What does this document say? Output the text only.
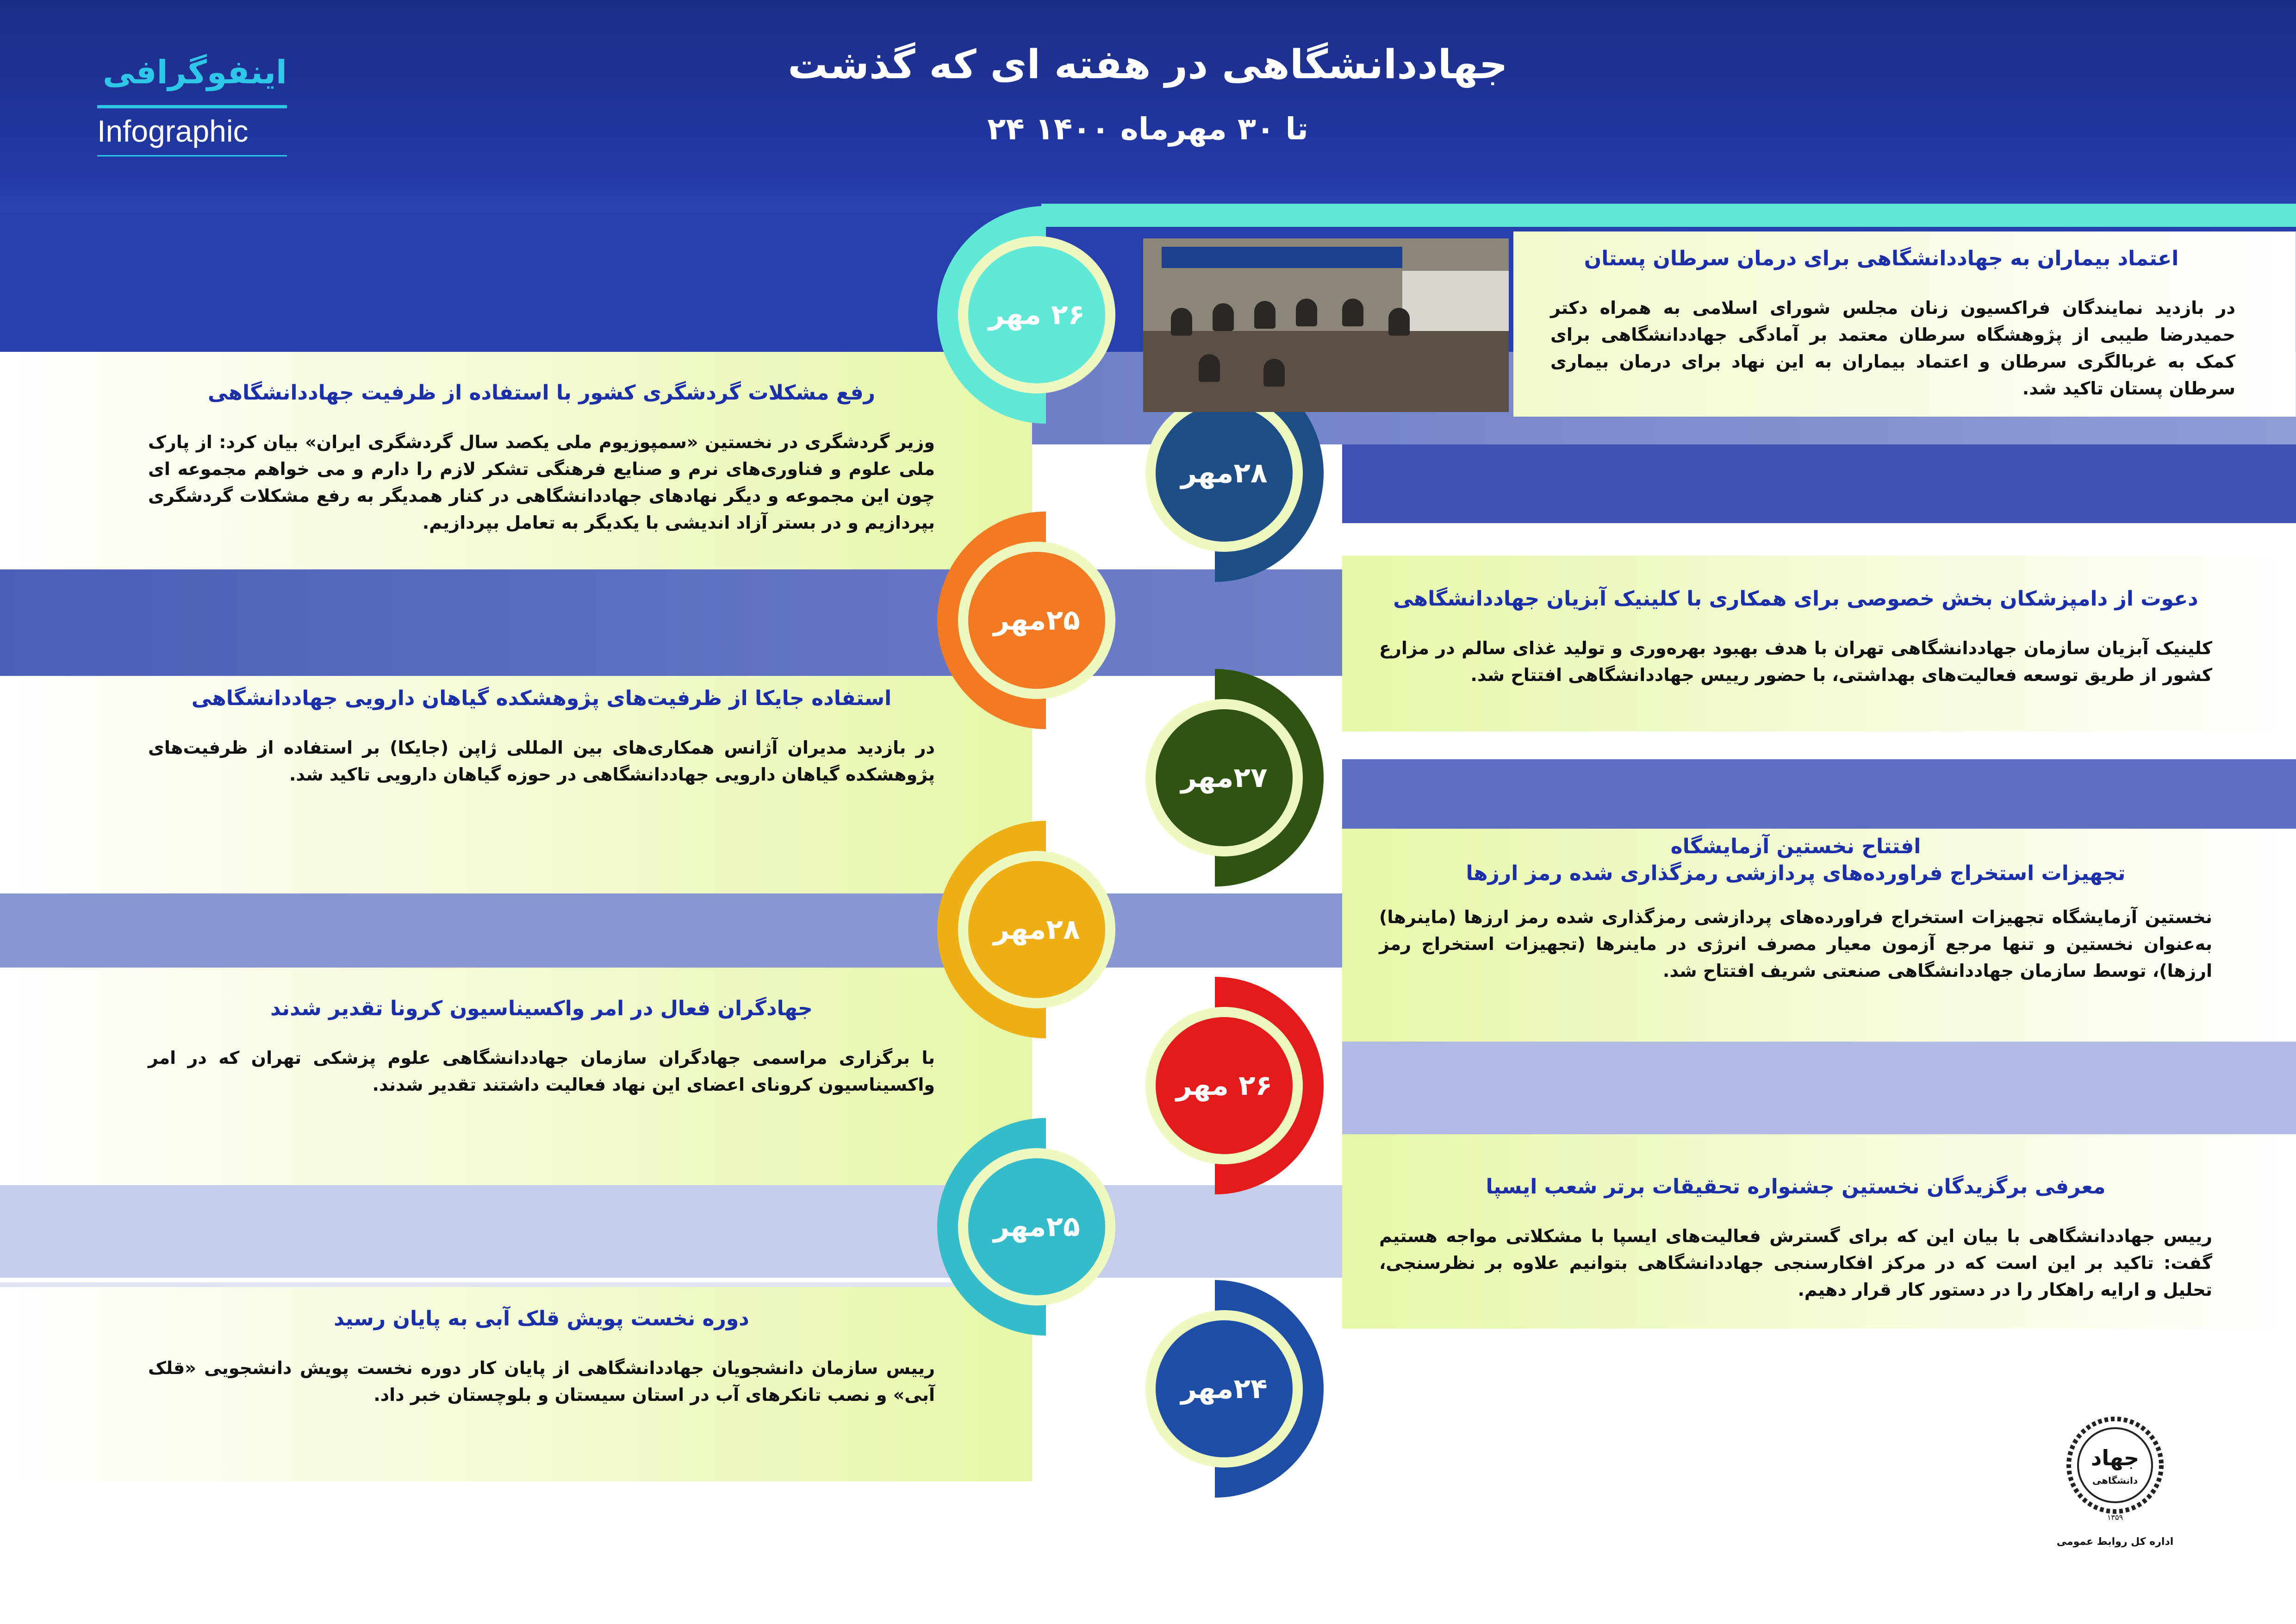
جهاددانشگاهی در هفته ای که گذشت
۲۴ تا ۳۰ مهرماه ۱۴۰۰
اینفوگرافی
Infographic
۲۶ مهر
۲۸مهر
۲۵مهر
۲۷مهر
۲۸مهر
۲۶ مهر
۲۵مهر
۲۴مهر
اعتماد بیماران به جهاددانشگاهی برای درمان سرطان پستان
در بازدید نمایندگان فراکسیون زنان مجلس شورای اسلامی به همراه دکتر حمیدرضا طیبی از پژوهشگاه سرطان معتمد بر آمادگی جهاددانشگاهی برای کمک به غربالگری سرطان و اعتماد بیماران به این نهاد برای درمان بیماری سرطان پستان تاکید شد.
رفع مشکلات گردشگری کشور با استفاده از ظرفیت جهاددانشگاهی
وزیر گردشگری در نخستین «سمپوزیوم ملی یکصد سال گردشگری ایران» بیان کرد: از پارک ملی علوم و فناوری‌های نرم و صنایع فرهنگی تشکر لازم را دارم و می خواهم مجموعه ای چون این مجموعه و دیگر نهادهای جهاددانشگاهی در کنار همدیگر به رفع مشکلات گردشگری بپردازیم و در بستر آزاد اندیشی با یکدیگر به تعامل بپردازیم.
دعوت از دامپزشکان بخش خصوصی برای همکاری با کلینیک آبزیان جهاددانشگاهی
کلینیک آبزیان سازمان جهاددانشگاهی تهران با هدف بهبود بهره‌وری و تولید غذای سالم در مزارع کشور از طریق توسعه فعالیت‌های بهداشتی، با حضور رییس جهاددانشگاهی افتتاح شد.
استفاده جایکا از ظرفیت‌های پژوهشکده گیاهان دارویی جهاددانشگاهی
در بازدید مدیران آژانس همکاری‌های بین المللی ژاپن (جایکا) بر استفاده از ظرفیت‌های پژوهشکده گیاهان دارویی جهاددانشگاهی در حوزه گیاهان دارویی تاکید شد.
افتتاح نخستین آزمایشگاه
تجهیزات استخراج فراورده‌های پردازشی رمزگذاری شده رمز ارزها
نخستین آزمایشگاه تجهیزات استخراج فراورده‌های پردازشی رمزگذاری شده رمز ارزها (ماینرها) به‌عنوان نخستین و تنها مرجع آزمون معیار مصرف انرژی در ماینرها (تجهیزات استخراج رمز ارزها)، توسط سازمان جهاددانشگاهی صنعتی شریف افتتاح شد.
جهادگران فعال در امر واکسیناسیون کرونا تقدیر شدند
با برگزاری مراسمی جهادگران سازمان جهاددانشگاهی علوم پزشکی تهران که در امر واکسیناسیون کرونای اعضای این نهاد فعالیت داشتند تقدیر شدند.
معرفی برگزیدگان نخستین جشنواره تحقیقات برتر شعب ایسپا
رییس جهاددانشگاهی با بیان این که برای گسترش فعالیت‌های ایسپا با مشکلاتی مواجه هستیم گفت: تاکید بر این است که در مرکز افکارسنجی جهاددانشگاهی بتوانیم علاوه بر نظرسنجی، تحلیل و ارایه راهکار را در دستور کار قرار دهیم.
دوره نخست پویش قلک آبی به پایان رسید
رییس سازمان دانشجویان جهاددانشگاهی از پایان کار دوره نخست پویش دانشجویی «قلک آبی» و نصب تانکرهای آب در استان سیستان و بلوچستان خبر داد.
جهاد
دانشگاهی
۱۳۵۹
اداره کل روابط عمومی
